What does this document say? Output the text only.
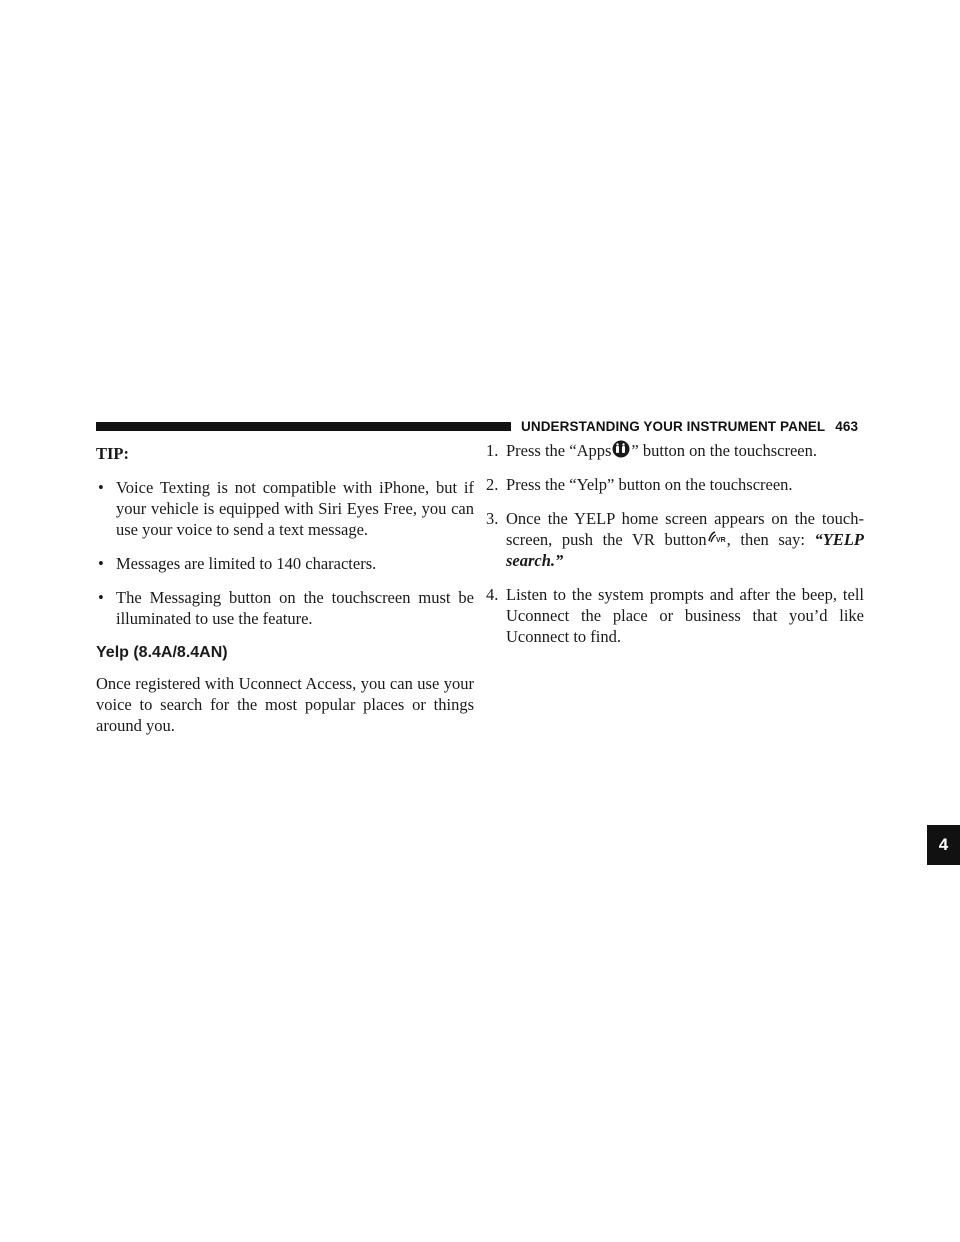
UNDERSTANDING YOUR INSTRUMENT PANEL 463
4

TIP:

• Voice Texting is not compatible with iPhone, but if your vehicle is equipped with Siri Eyes Free, you can use your voice to send a text message.

• Messages are limited to 140 characters.

• The Messaging button on the touchscreen must be illuminated to use the feature.

Yelp (8.4A/8.4AN)

Once registered with Uconnect Access, you can use your voice to search for the most popular places or things around you.

1. Press the “Apps ” button on the touchscreen.

2. Press the “Yelp” button on the touchscreen.

3. Once the YELP home screen appears on the touch-screen, push the VR button VR , then say: “YELP search.”

4. Listen to the system prompts and after the beep, tell Uconnect the place or business that you’d like Uconnect to find.
